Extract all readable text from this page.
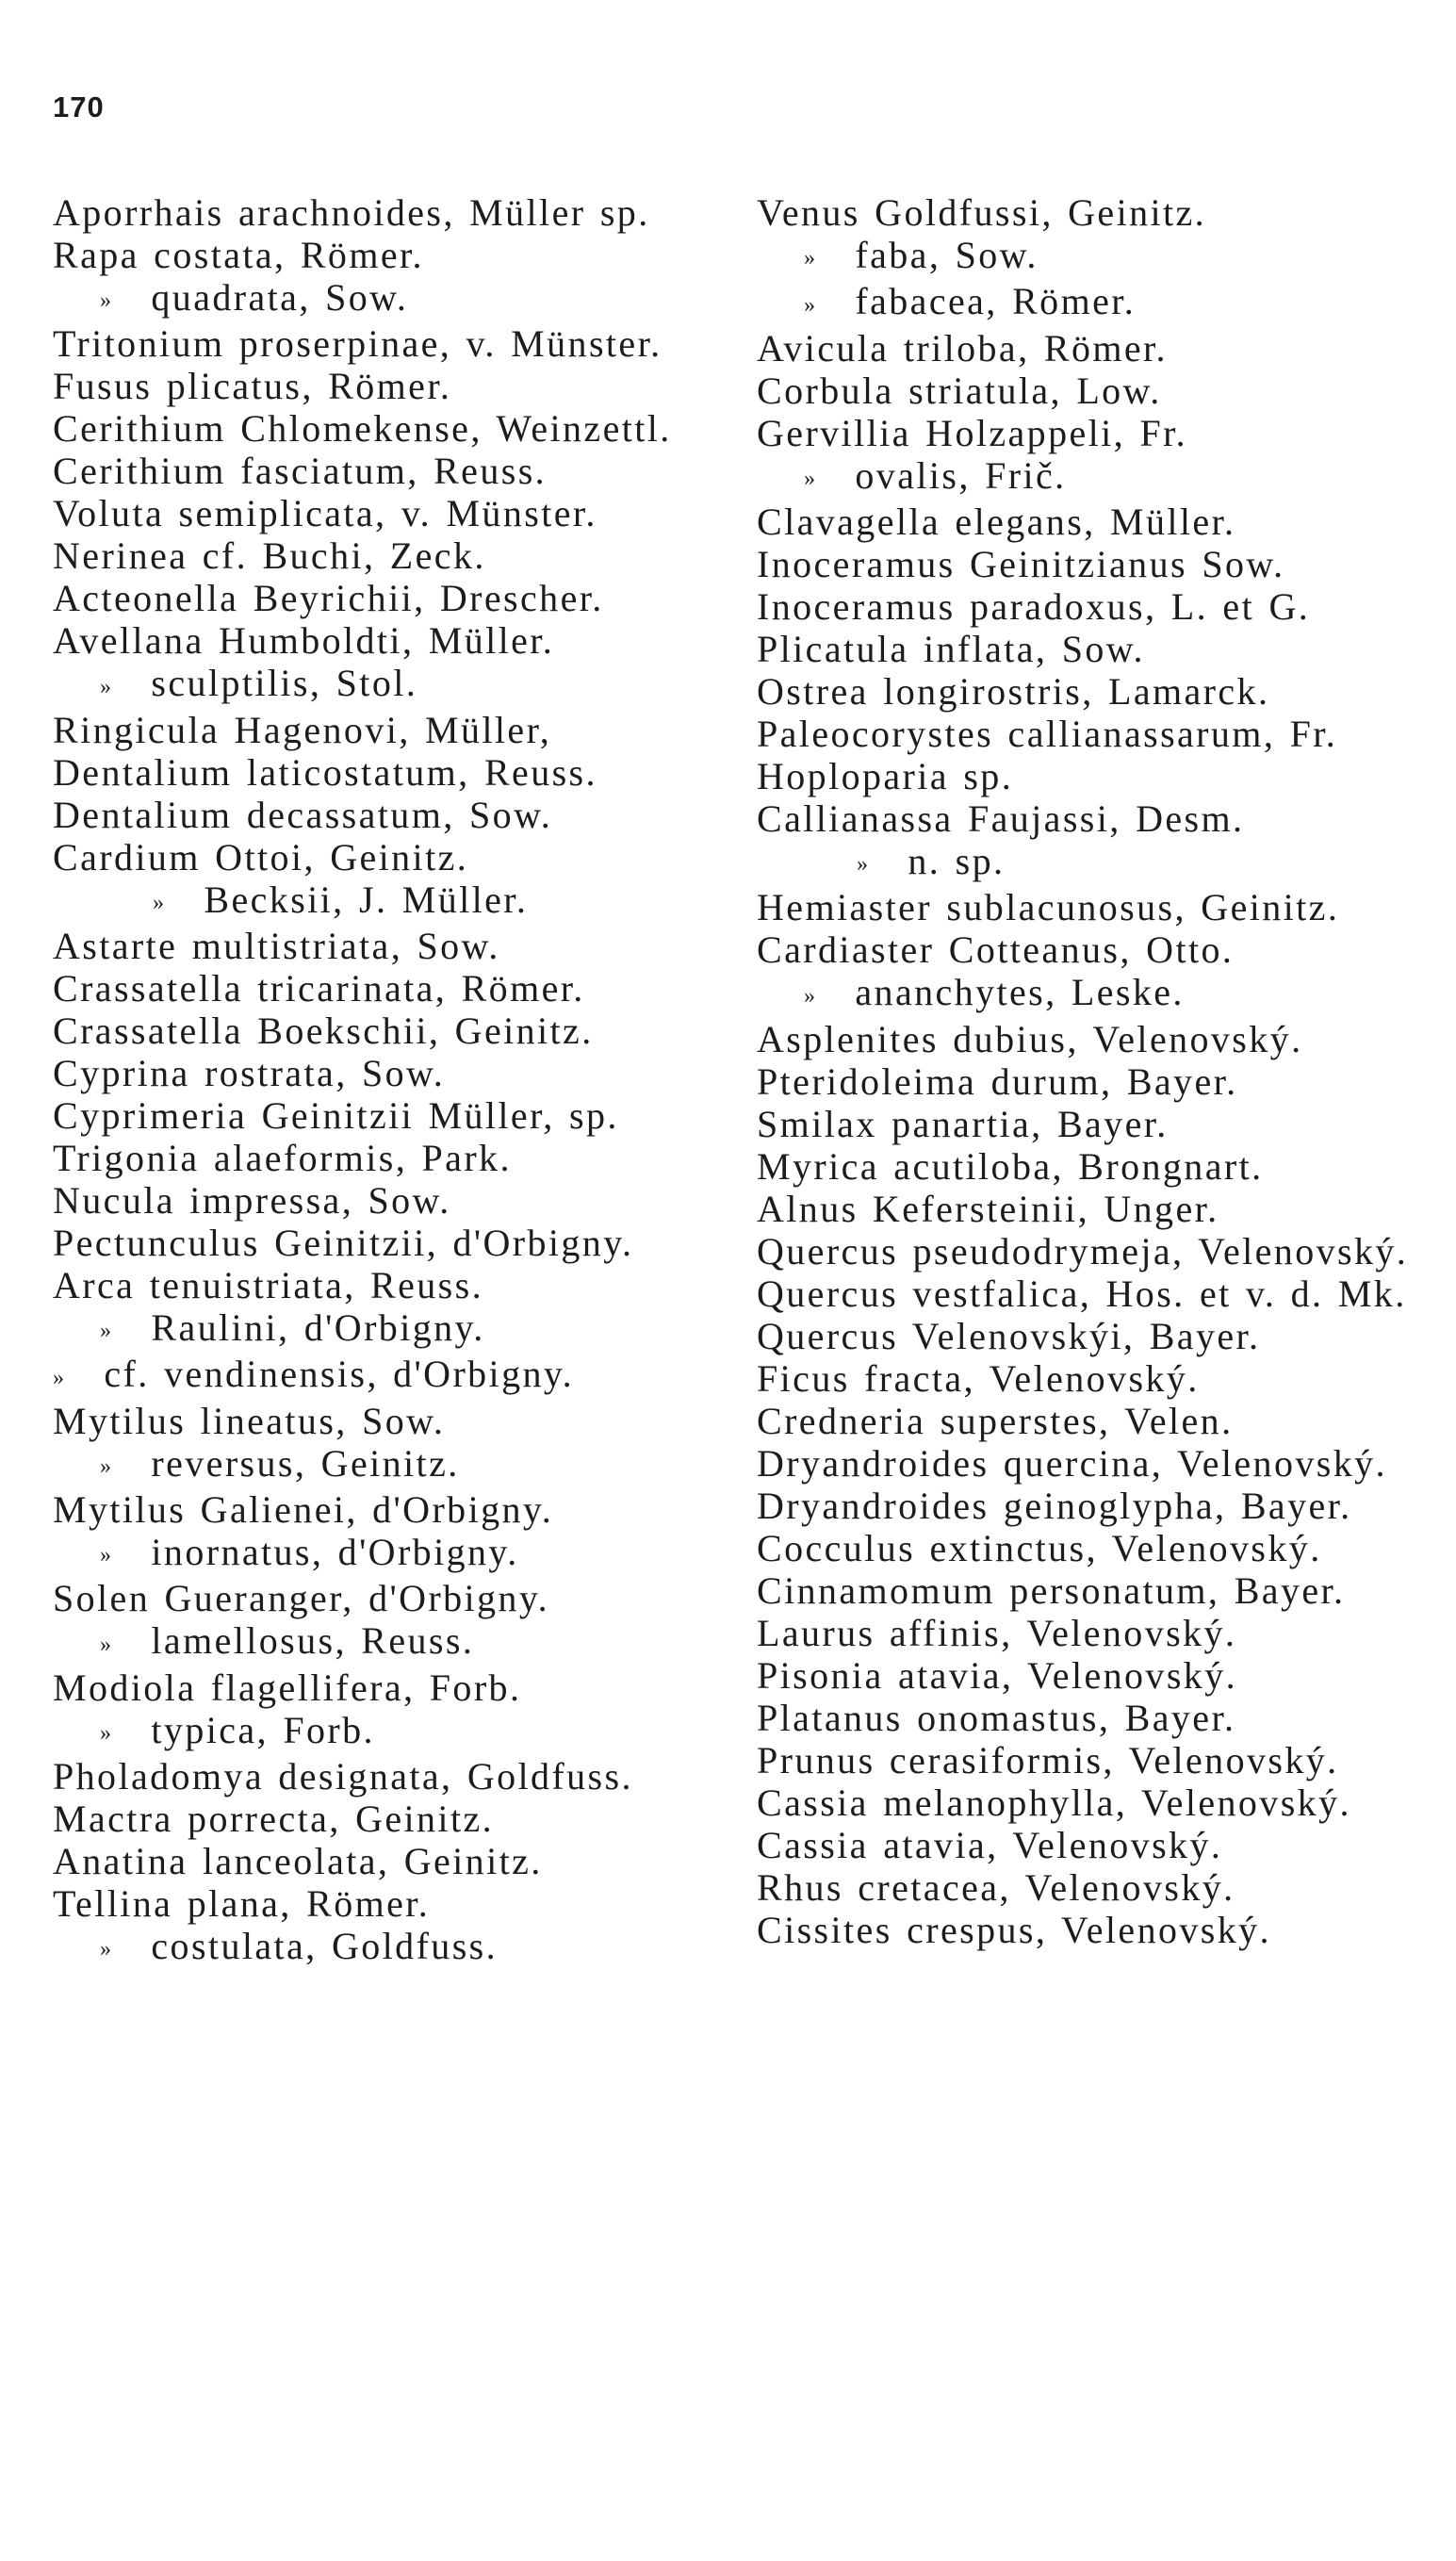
170
Aporrhais arachnoides, Müller sp.
Rapa costata, Römer.
»  quadrata, Sow.
Tritonium proserpinae, v. Münster.
Fusus plicatus, Römer.
Cerithium Chlomekense, Weinzettl.
Cerithium fasciatum, Reuss.
Voluta semiplicata, v. Münster.
Nerinea cf. Buchi, Zeck.
Acteonella Beyrichii, Drescher.
Avellana Humboldti, Müller.
»  sculptilis, Stol.
Ringicula Hagenovi, Müller,
Dentalium laticostatum, Reuss.
Dentalium decassatum, Sow.
Cardium Ottoi, Geinitz.
»  Becksii, J. Müller.
Astarte multistriata, Sow.
Crassatella tricarinata, Römer.
Crassatella Boekschii, Geinitz.
Cyprina rostrata, Sow.
Cyprimeria Geinitzii Müller, sp.
Trigonia alaeformis, Park.
Nucula impressa, Sow.
Pectunculus Geinitzii, d'Orbigny.
Arca tenuistriata, Reuss.
»  Raulini, d'Orbigny.
»  cf. vendinensis, d'Orbigny.
Mytilus lineatus, Sow.
»  reversus, Geinitz.
Mytilus Galienei, d'Orbigny.
»  inornatus, d'Orbigny.
Solen Gueranger, d'Orbigny.
»  lamellosus, Reuss.
Modiola flagellifera, Forb.
»  typica, Forb.
Pholadomya designata, Goldfuss.
Mactra porrecta, Geinitz.
Anatina lanceolata, Geinitz.
Tellina plana, Römer.
»  costulata, Goldfuss.
Venus Goldfussi, Geinitz.
»  faba, Sow.
»  fabacea, Römer.
Avicula triloba, Römer.
Corbula striatula, Low.
Gervillia Holzappeli, Fr.
»  ovalis, Frič.
Clavagella elegans, Müller.
Inoceramus Geinitzianus Sow.
Inoceramus paradoxus, L. et G.
Plicatula inflata, Sow.
Ostrea longirostris, Lamarck.
Paleocorystes callianassarum, Fr.
Hoploparia sp.
Callianassa Faujassi, Desm.
»  n. sp.
Hemiaster sublacunosus, Geinitz.
Cardiaster Cotteanus, Otto.
»  ananchytes, Leske.
Asplenites dubius, Velenovský.
Pteridoleima durum, Bayer.
Smilax panartia, Bayer.
Myrica acutiloba, Brongnart.
Alnus Kefersteinii, Unger.
Quercus pseudodrymeja, Velenovský.
Quercus vestfalica, Hos. et v. d. Mk.
Quercus Velenovskýi, Bayer.
Ficus fracta, Velenovský.
Credneria superstes, Velen.
Dryandroides quercina, Velenovský.
Dryandroides geinoglypha, Bayer.
Cocculus extinctus, Velenovský.
Cinnamomum personatum, Bayer.
Laurus affinis, Velenovský.
Pisonia atavia, Velenovský.
Platanus onomastus, Bayer.
Prunus cerasiformis, Velenovský.
Cassia melanophylla, Velenovský.
Cassia atavia, Velenovský.
Rhus cretacea, Velenovský.
Cissites crespus, Velenovský.
